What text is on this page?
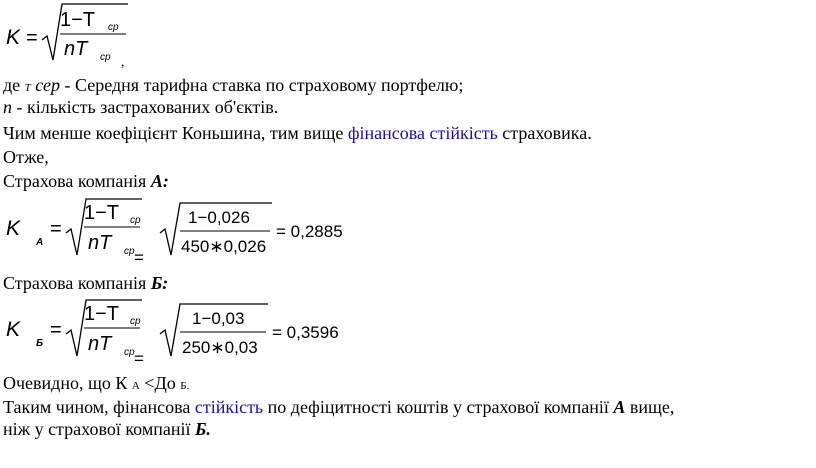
K =
1−T ср
nT ср ,
де T сер - Середня тарифна ставка по страховому портфелю;
n - кількість застрахованих об'єктів.
Чим менше коефіцієнт Коньшина, тим вище фінансова стійкість страховика.
Отже,
Страхова компанія А:
K
А
=
1−T ср
nT ср =
1−0,026
450∗0,026
= 0,2885
Страхова компанія Б:
K
Б
=
1−T ср
nT ср =
1−0,03
250∗0,03
= 0,3596
Очевидно, що К А <До Б.
Таким чином, фінансова стійкість по дефіцитності коштів у страхової компанії А вище,
ніж у страхової компанії Б.
